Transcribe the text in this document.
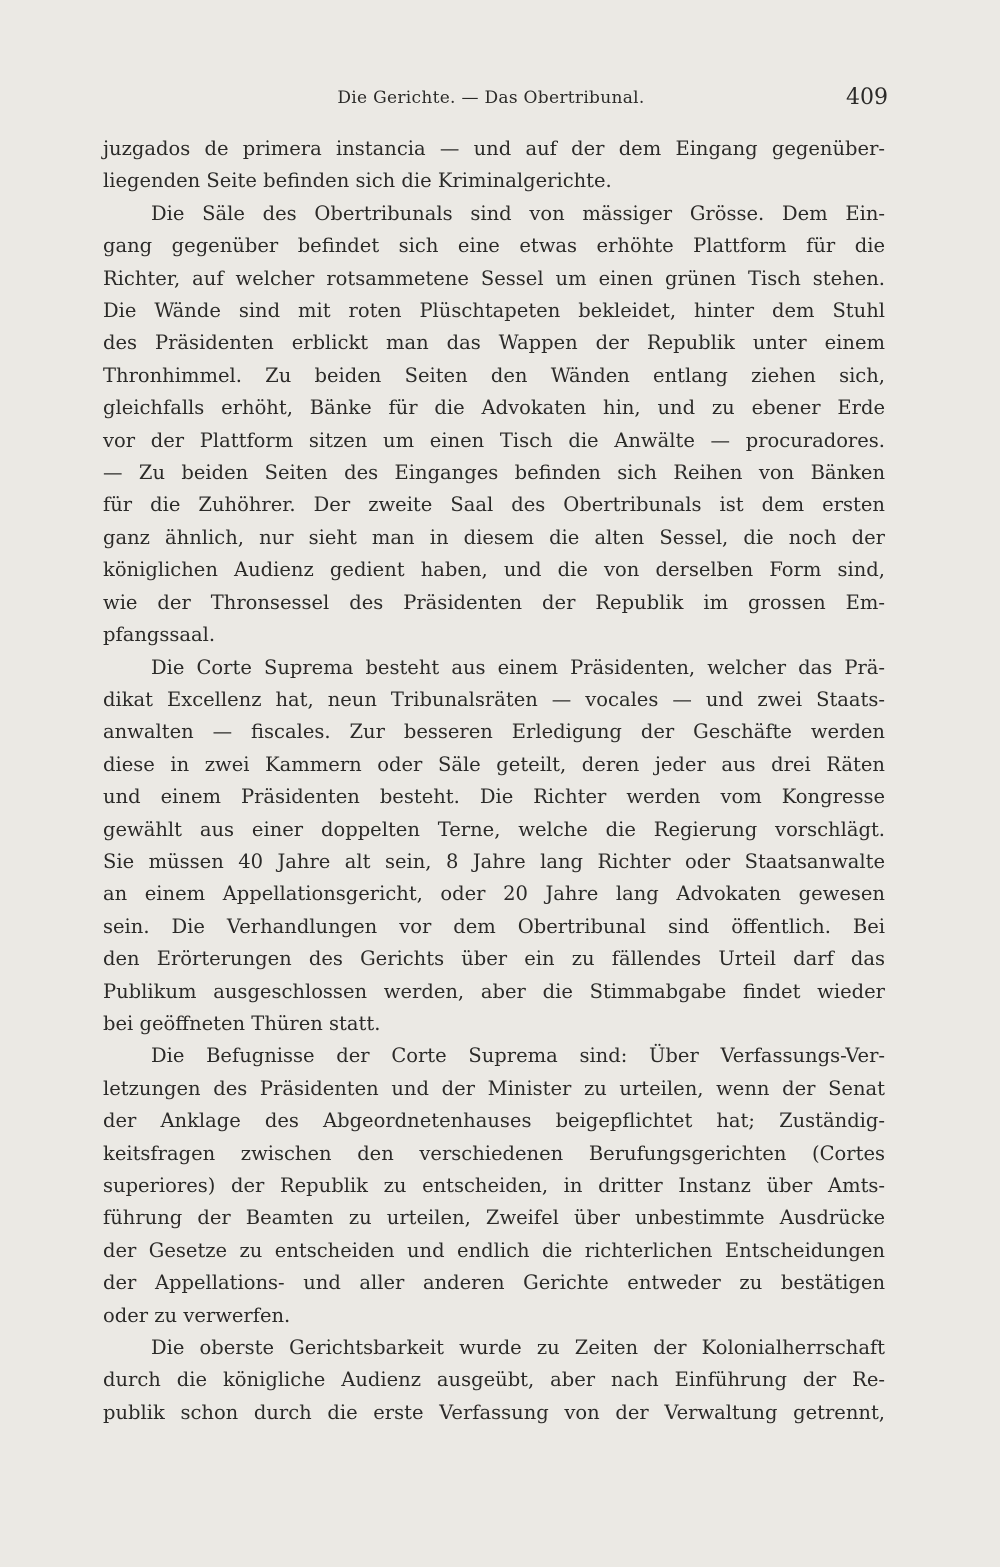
Die Gerichte. — Das Obertribunal.	409
juzgados de primera instancia — und auf der dem Eingang gegenüber-
liegenden Seite befinden sich die Kriminalgerichte.
Die Säle des Obertribunals sind von mässiger Grösse. Dem Ein-
gang gegenüber befindet sich eine etwas erhöhte Plattform für die
Richter, auf welcher rotsammetene Sessel um einen grünen Tisch stehen.
Die Wände sind mit roten Plüschtapeten bekleidet, hinter dem Stuhl
des Präsidenten erblickt man das Wappen der Republik unter einem
Thronhimmel. Zu beiden Seiten den Wänden entlang ziehen sich,
gleichfalls erhöht, Bänke für die Advokaten hin, und zu ebener Erde
vor der Plattform sitzen um einen Tisch die Anwälte — procuradores.
— Zu beiden Seiten des Einganges befinden sich Reihen von Bänken
für die Zuhöhrer. Der zweite Saal des Obertribunals ist dem ersten
ganz ähnlich, nur sieht man in diesem die alten Sessel, die noch der
königlichen Audienz gedient haben, und die von derselben Form sind,
wie der Thronsessel des Präsidenten der Republik im grossen Em-
pfangssaal.
Die Corte Suprema besteht aus einem Präsidenten, welcher das Prä-
dikat Excellenz hat, neun Tribunalsräten — vocales — und zwei Staats-
anwalten — fiscales. Zur besseren Erledigung der Geschäfte werden
diese in zwei Kammern oder Säle geteilt, deren jeder aus drei Räten
und einem Präsidenten besteht. Die Richter werden vom Kongresse
gewählt aus einer doppelten Terne, welche die Regierung vorschlägt.
Sie müssen 40 Jahre alt sein, 8 Jahre lang Richter oder Staatsanwalte
an einem Appellationsgericht, oder 20 Jahre lang Advokaten gewesen
sein. Die Verhandlungen vor dem Obertribunal sind öffentlich. Bei
den Erörterungen des Gerichts über ein zu fällendes Urteil darf das
Publikum ausgeschlossen werden, aber die Stimmabgabe findet wieder
bei geöffneten Thüren statt.
Die Befugnisse der Corte Suprema sind: Über Verfassungs-Ver-
letzungen des Präsidenten und der Minister zu urteilen, wenn der Senat
der Anklage des Abgeordnetenhauses beigepflichtet hat; Zuständig-
keitsfragen zwischen den verschiedenen Berufungsgerichten (Cortes
superiores) der Republik zu entscheiden, in dritter Instanz über Amts-
führung der Beamten zu urteilen, Zweifel über unbestimmte Ausdrücke
der Gesetze zu entscheiden und endlich die richterlichen Entscheidungen
der Appellations- und aller anderen Gerichte entweder zu bestätigen
oder zu verwerfen.
Die oberste Gerichtsbarkeit wurde zu Zeiten der Kolonialherrschaft
durch die königliche Audienz ausgeübt, aber nach Einführung der Re-
publik schon durch die erste Verfassung von der Verwaltung getrennt,
